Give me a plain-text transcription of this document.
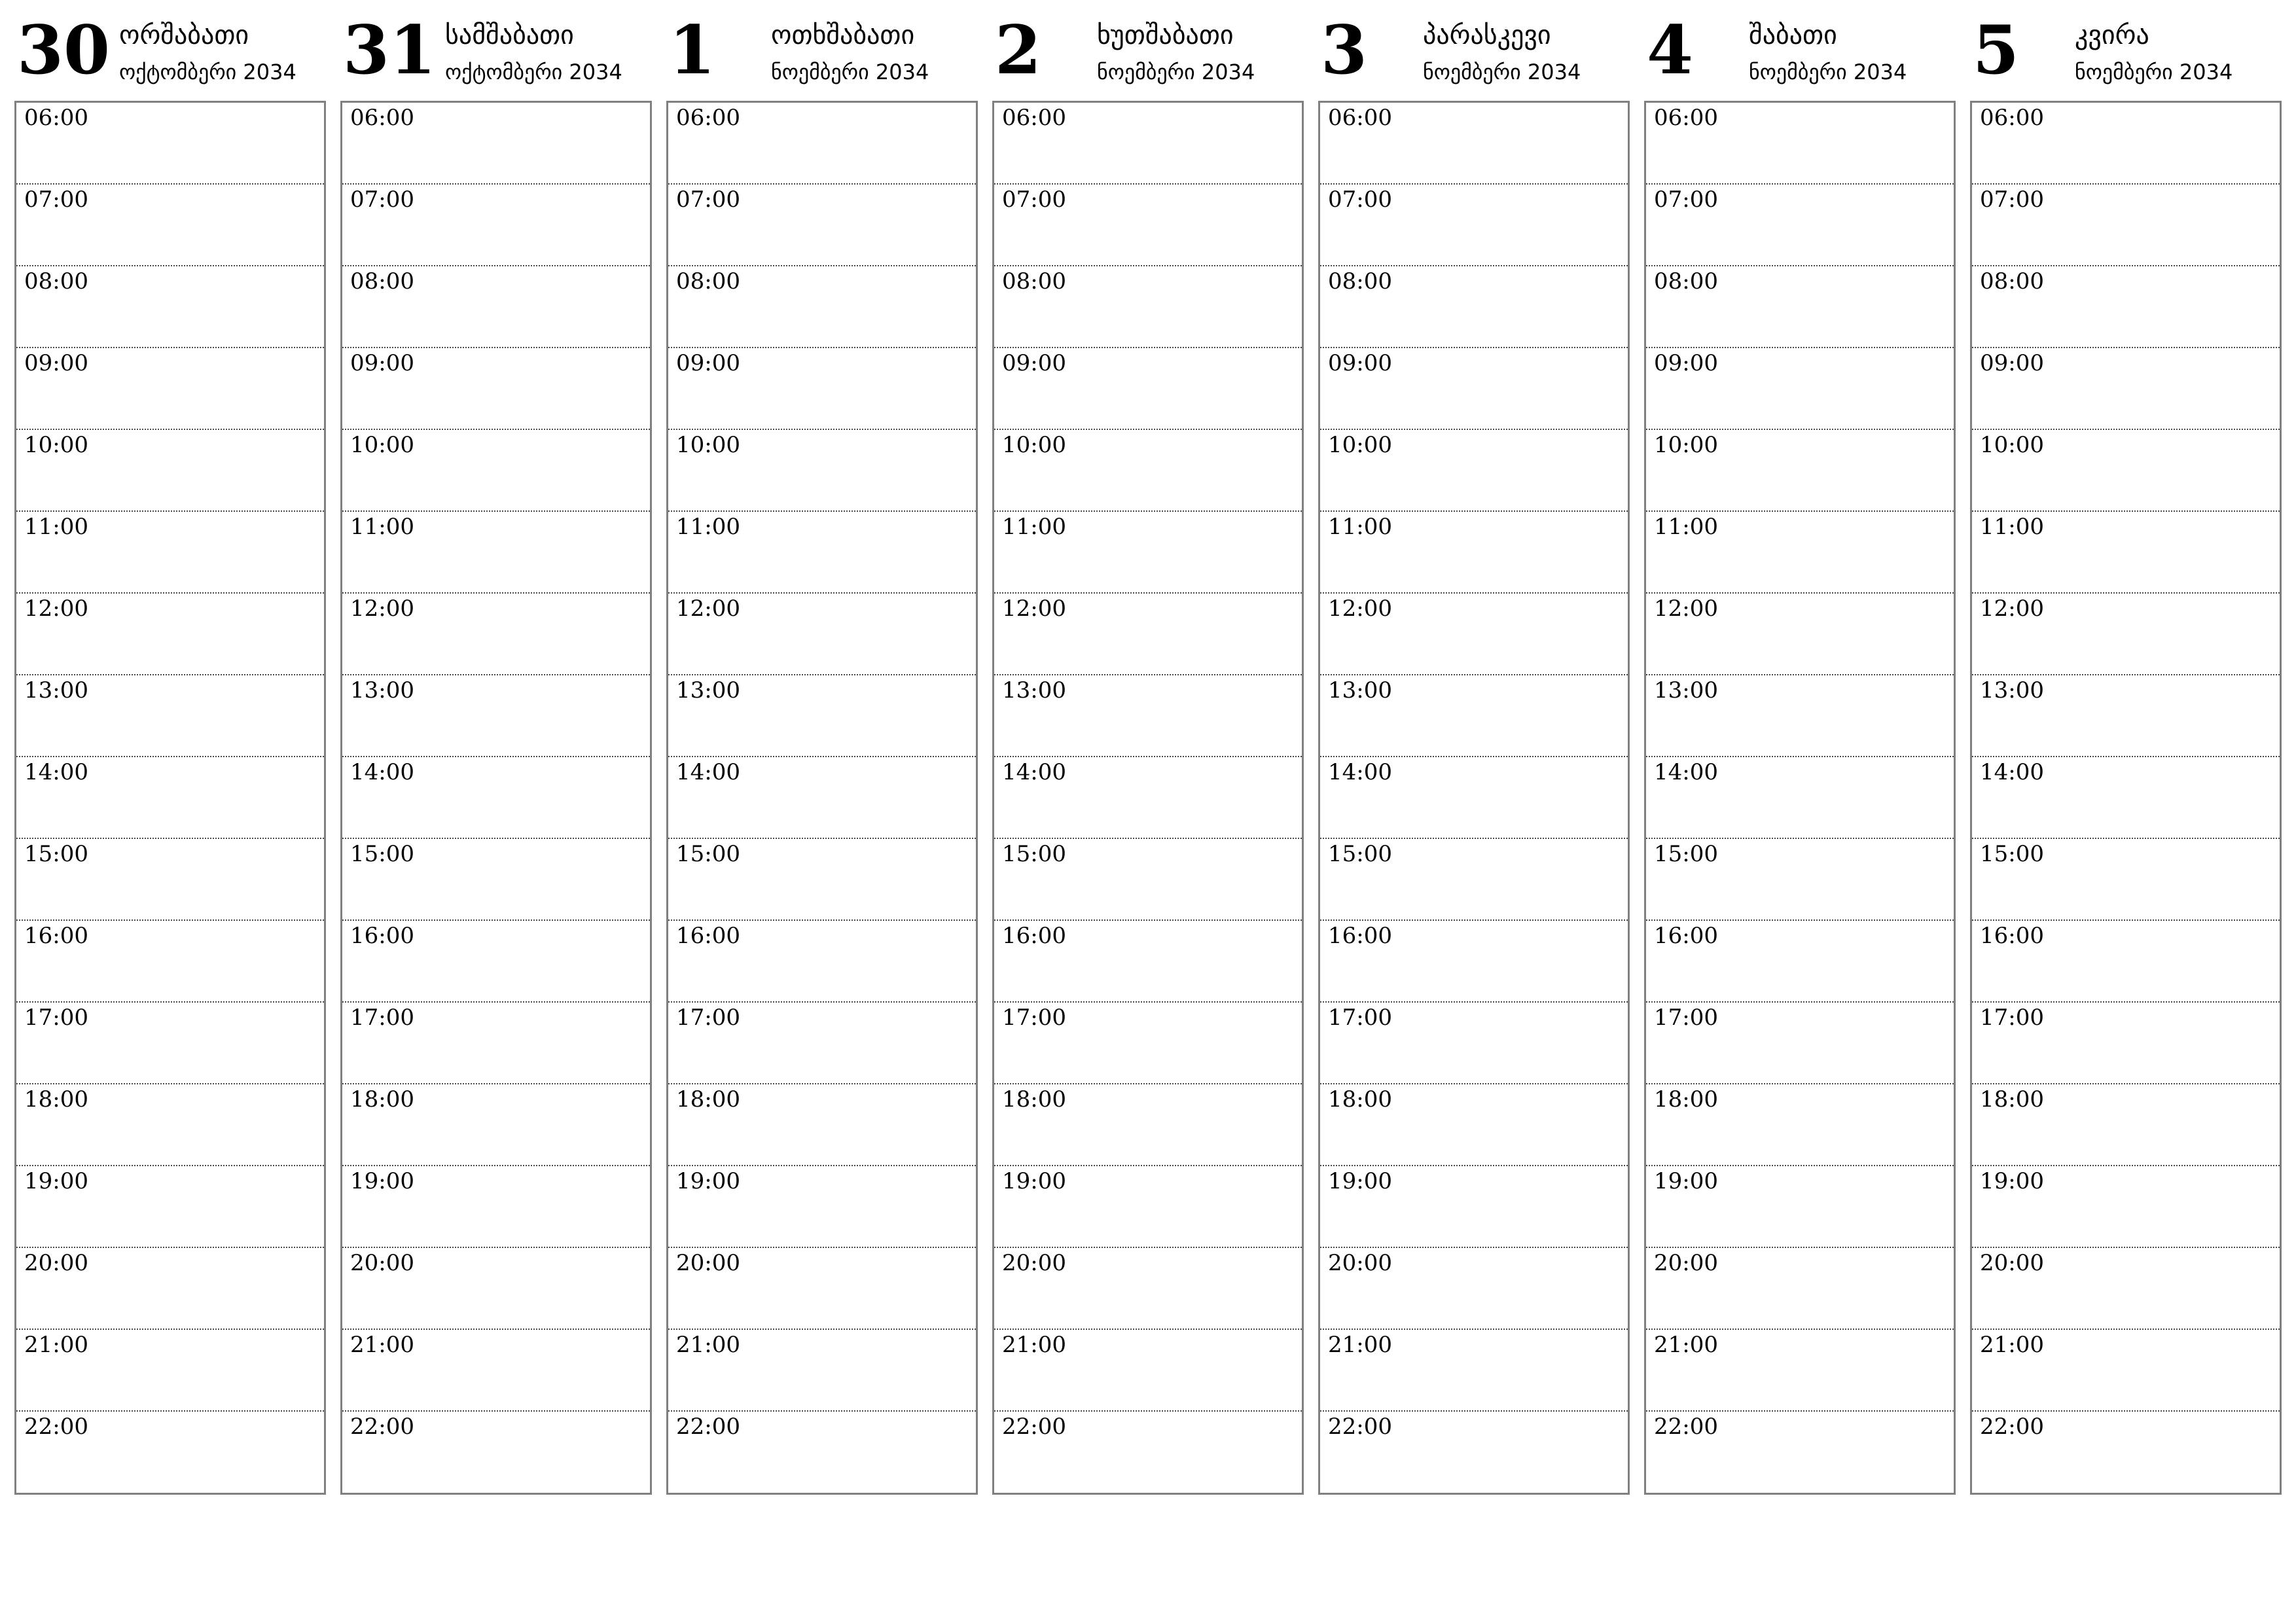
30 ორშაბათი
ოქტომბერი 2034
06:00
07:00
08:00
09:00
10:00
11:00
12:00
13:00
14:00
15:00
16:00
17:00
18:00
19:00
20:00
21:00
22:00
31 სამშაბათი
ოქტომბერი 2034
06:00
07:00
08:00
09:00
10:00
11:00
12:00
13:00
14:00
15:00
16:00
17:00
18:00
19:00
20:00
21:00
22:00
1 ოთხშაბათი
ნოემბერი 2034
06:00
07:00
08:00
09:00
10:00
11:00
12:00
13:00
14:00
15:00
16:00
17:00
18:00
19:00
20:00
21:00
22:00
2 ხუთშაბათი
ნოემბერი 2034
06:00
07:00
08:00
09:00
10:00
11:00
12:00
13:00
14:00
15:00
16:00
17:00
18:00
19:00
20:00
21:00
22:00
3 პარასკევი
ნოემბერი 2034
06:00
07:00
08:00
09:00
10:00
11:00
12:00
13:00
14:00
15:00
16:00
17:00
18:00
19:00
20:00
21:00
22:00
4 შაბათი
ნოემბერი 2034
06:00
07:00
08:00
09:00
10:00
11:00
12:00
13:00
14:00
15:00
16:00
17:00
18:00
19:00
20:00
21:00
22:00
5 კვირა
ნოემბერი 2034
06:00
07:00
08:00
09:00
10:00
11:00
12:00
13:00
14:00
15:00
16:00
17:00
18:00
19:00
20:00
21:00
22:00
